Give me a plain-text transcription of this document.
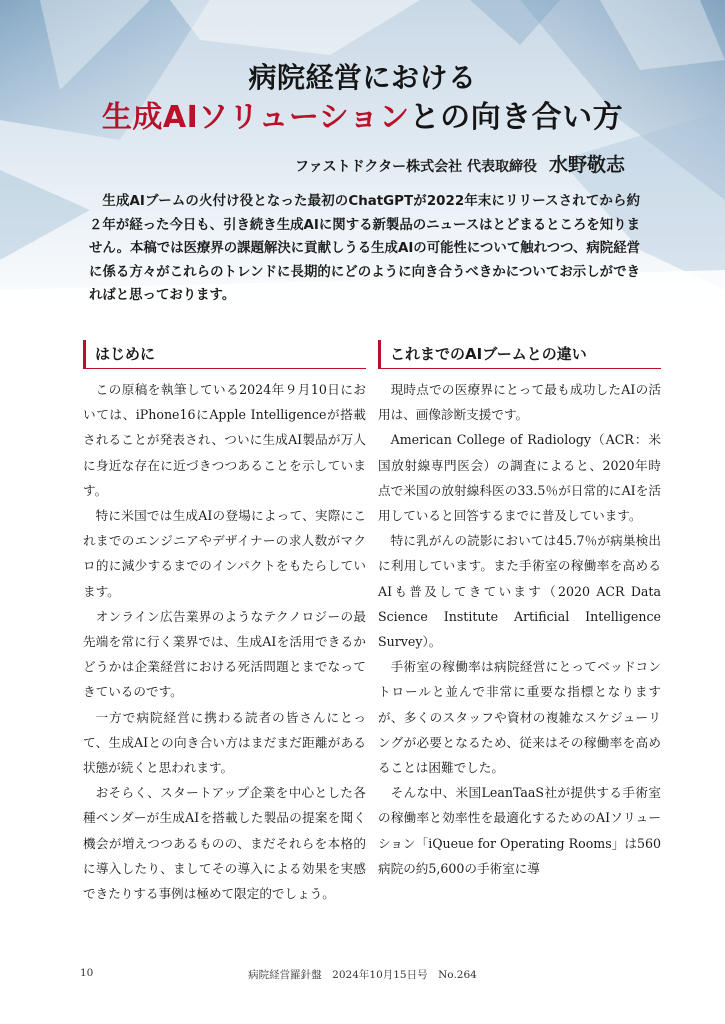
病院経営における
生成AIソリューションとの向き合い方
ファストドクター株式会社 代表取締役 水野敬志
生成AIブームの火付け役となった最初のChatGPTが2022年末にリリースされてから約２年が経った今日も、引き続き生成AIに関する新製品のニュースはとどまるところを知りません。本稿では医療界の課題解決に貢献しうる生成AIの可能性について触れつつ、病院経営に係る方々がこれらのトレンドに長期的にどのように向き合うべきかについてお示しができればと思っております。
はじめに

この原稿を執筆している2024年９月10日においては、iPhone16にApple Intelligenceが搭載されることが発表され、ついに生成AI製品が万人に身近な存在に近づきつつあることを示しています。

特に米国では生成AIの登場によって、実際にこれまでのエンジニアやデザイナーの求人数がマクロ的に減少するまでのインパクトをもたらしています。

オンライン広告業界のようなテクノロジーの最先端を常に行く業界では、生成AIを活用できるかどうかは企業経営における死活問題とまでなってきているのです。

一方で病院経営に携わる読者の皆さんにとって、生成AIとの向き合い方はまだまだ距離がある状態が続くと思われます。

おそらく、スタートアップ企業を中心とした各種ベンダーが生成AIを搭載した製品の提案を聞く機会が増えつつあるものの、まだそれらを本格的に導入したり、ましてその導入による効果を実感できたりする事例は極めて限定的でしょう。

これまでのAIブームとの違い

現時点での医療界にとって最も成功したAIの活用は、画像診断支援です。

American College of Radiology（ACR：米国放射線専門医会）の調査によると、2020年時点で米国の放射線科医の33.5％が日常的にAIを活用していると回答するまでに普及しています。

特に乳がんの読影においては45.7％が病巣検出に利用しています。また手術室の稼働率を高めるAIも普及してきています（2020 ACR Data Science Institute Artificial Intelligence Survey）。

手術室の稼働率は病院経営にとってベッドコントロールと並んで非常に重要な指標となりますが、多くのスタッフや資材の複雑なスケジューリングが必要となるため、従来はその稼働率を高めることは困難でした。

そんな中、米国LeanTaaS社が提供する手術室の稼働率と効率性を最適化するためのAIソリューション「iQueue for Operating Rooms」は560病院の約5,600の手術室に導

10	病院経営羅針盤　2024年10月15日号　No.264
